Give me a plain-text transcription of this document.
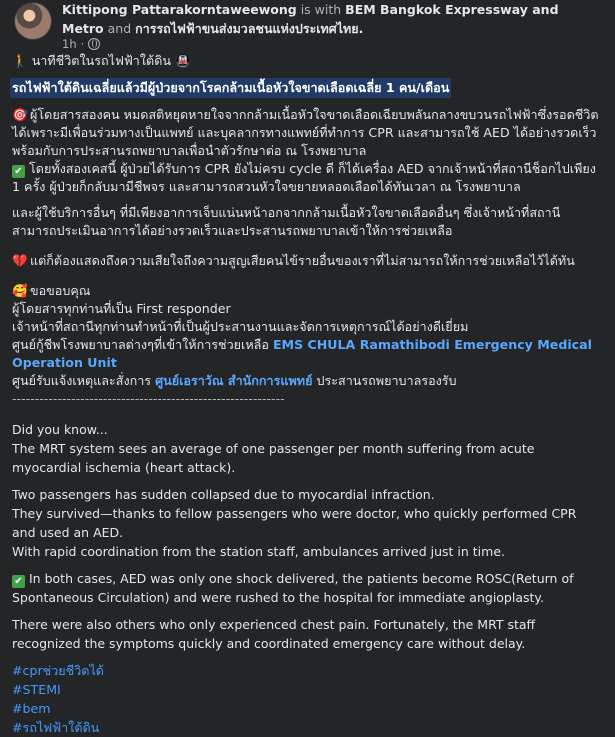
Kittipong Pattarakorntaweewong is with BEM Bangkok Expressway and Metro and การรถไฟฟ้าขนส่งมวลชนแห่งประเทศไทย.
1h ·

🚶 นาทีชีวิตในรถไฟฟ้าใต้ดิน 🚇

รถไฟฟ้าใต้ดินเฉลี่ยแล้วมีผู้ป่วยจากโรคกล้ามเนื้อหัวใจขาดเลือดเฉลี่ย 1 คน/เดือน

🎯 ผู้โดยสารสองคน หมดสติหยุดหายใจจากกล้ามเนื้อหัวใจขาดเลือดเฉียบพลันกลางขบวนรถไฟฟ้าซึ่งรอดชีวิตได้เพราะมีเพื่อนร่วมทางเป็นแพทย์ และบุคลากรทางแพทย์ที่ทำการ CPR และสามารถใช้ AED ได้อย่างรวดเร็ว พร้อมกับการประสานรถพยาบาลเพื่อนำตัวรักษาต่อ ณ โรงพยาบาล

✔ โดยทั้งสองเคสนี้ ผู้ป่วยได้รับการ CPR ยังไม่ครบ cycle ดี ก็ได้เครื่อง AED จากเจ้าหน้าที่สถานีช็อกไปเพียง 1 ครั้ง ผู้ป่วยก็กลับมามีชีพจร และสามารถสวนหัวใจขยายหลอดเลือดได้ทันเวลา ณ โรงพยาบาล

และผู้ใช้บริการอื่นๆ ที่มีเพียงอาการเจ็บแน่นหน้าอกจากกล้ามเนื้อหัวใจขาดเลือดอื่นๆ ซึ่งเจ้าหน้าที่สถานีสามารถประเมินอาการได้อย่างรวดเร็วและประสานรถพยาบาลเข้าให้การช่วยเหลือ

💔 แต่ก็ต้องแสดงถึงความเสียใจถึงความสูญเสียคนไข้รายอื่นของเราที่ไม่สามารถให้การช่วยเหลือไว้ได้ทัน

🥰 ขอขอบคุณ

ผู้โดยสารทุกท่านที่เป็น First responder

เจ้าหน้าที่สถานีทุกท่านทำหน้าที่เป็นผู้ประสานงานและจัดการเหตุการณ์ได้อย่างดีเยี่ยม

ศูนย์กู้ชีพโรงพยาบาลต่างๆที่เข้าให้การช่วยเหลือ EMS CHULA Ramathibodi Emergency Medical Operation Unit

ศูนย์รับแจ้งเหตุและสั่งการ ศูนย์เอราวัณ สำนักการแพทย์ ประสานรถพยาบาลรองรับ

------------------------------------------------------------

Did you know...

The MRT system sees an average of one passenger per month suffering from acute myocardial ischemia (heart attack).

Two passengers has sudden collapsed due to myocardial infraction.

They survived—thanks to fellow passengers who were doctor, who quickly performed CPR and used an AED.

With rapid coordination from the station staff, ambulances arrived just in time.

✔ In both cases, AED was only one shock delivered, the patients become ROSC(Return of Spontaneous Circulation) and were rushed to the hospital for immediate angioplasty.

There were also others who only experienced chest pain. Fortunately, the MRT staff recognized the symptoms quickly and coordinated emergency care without delay.

#cprช่วยชีวิตได้
#STEMI
#bem
#รถไฟฟ้าใต้ดิน
